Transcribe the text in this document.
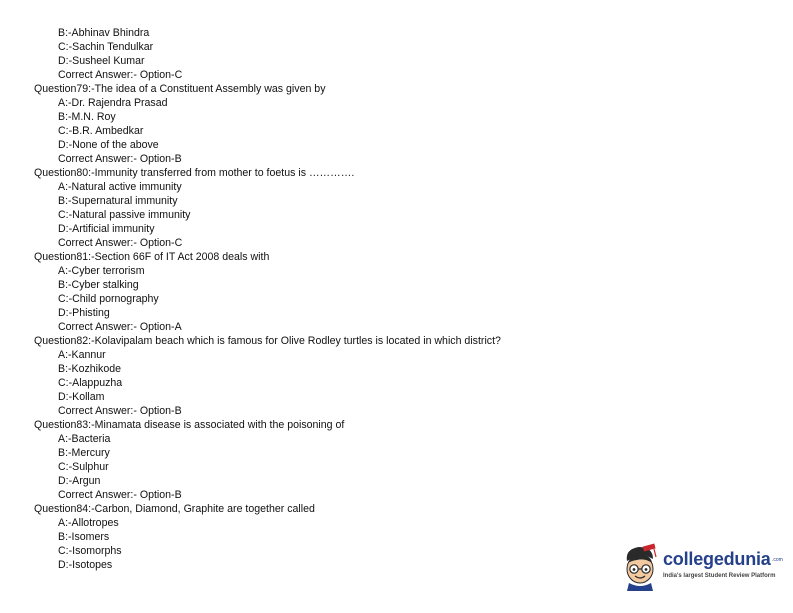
B:-Abhinav Bhindra
C:-Sachin Tendulkar
D:-Susheel Kumar
Correct Answer:- Option-C
Question79:-The idea of a Constituent Assembly was given by
A:-Dr. Rajendra Prasad
B:-M.N. Roy
C:-B.R. Ambedkar
D:-None of the above
Correct Answer:- Option-B
Question80:-Immunity transferred from mother to foetus is ………….
A:-Natural active immunity
B:-Supernatural immunity
C:-Natural passive immunity
D:-Artificial immunity
Correct Answer:- Option-C
Question81:-Section 66F of IT Act 2008 deals with
A:-Cyber terrorism
B:-Cyber stalking
C:-Child pornography
D:-Phisting
Correct Answer:- Option-A
Question82:-Kolavipalam beach which is famous for Olive Rodley turtles is located in which district?
A:-Kannur
B:-Kozhikode
C:-Alappuzha
D:-Kollam
Correct Answer:- Option-B
Question83:-Minamata disease is associated with the poisoning of
A:-Bacteria
B:-Mercury
C:-Sulphur
D:-Argun
Correct Answer:- Option-B
Question84:-Carbon, Diamond, Graphite are together called
A:-Allotropes
B:-Isomers
C:-Isomorphs
D:-Isotopes	collegedunia .com
India's largest Student Review Platform
